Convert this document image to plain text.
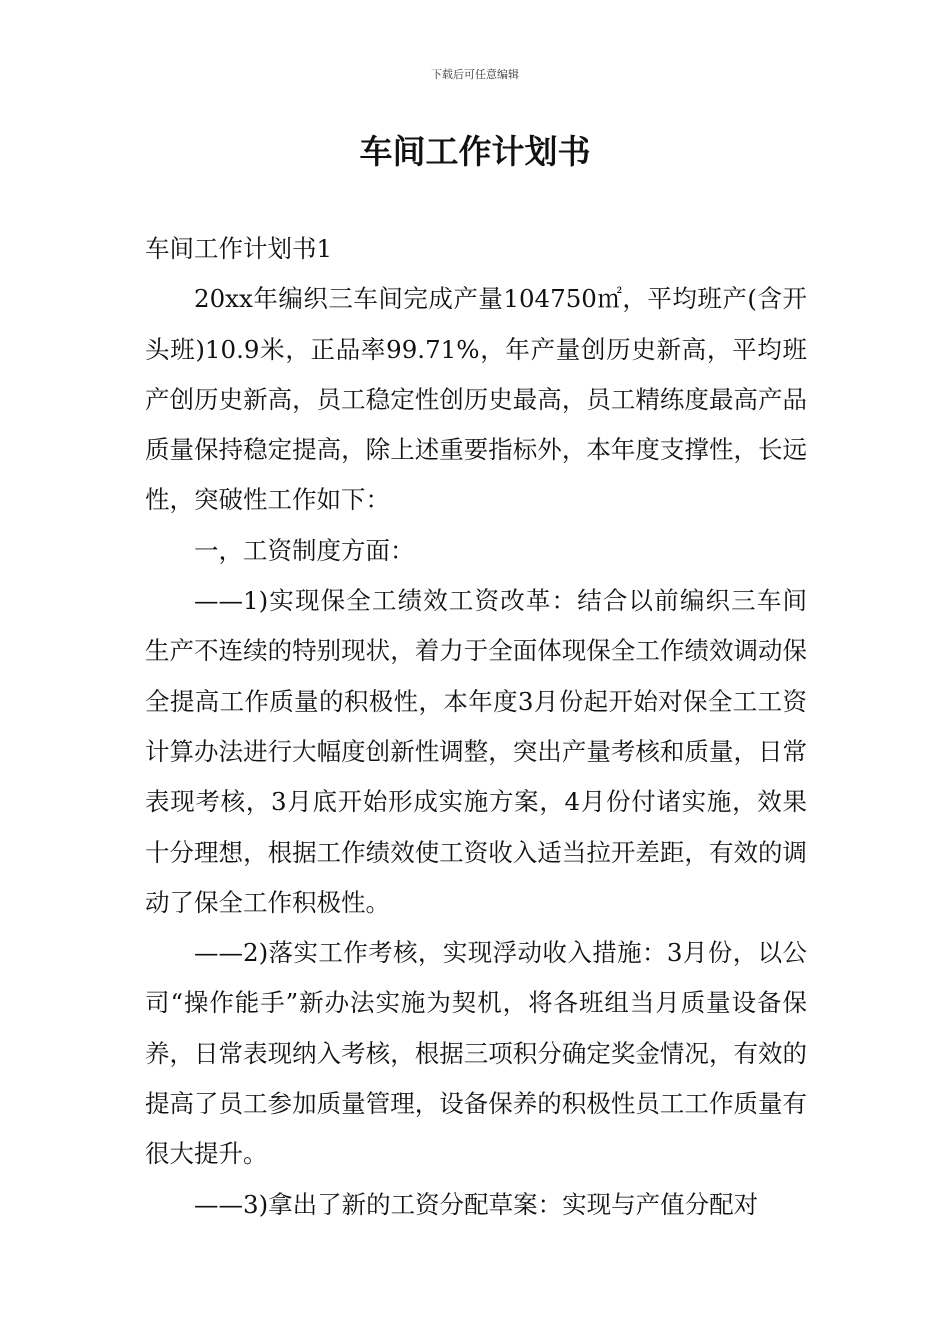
下载后可任意编辑
车间工作计划书

车间工作计划书1

20xx年编织三车间完成产量104750㎡，平均班产(含开头班)10.9米，正品率99.71%，年产量创历史新高，平均班产创历史新高，员工稳定性创历史最高，员工精练度最高产品质量保持稳定提高，除上述重要指标外，本年度支撑性，长远性，突破性工作如下：

一，工资制度方面：

——1)实现保全工绩效工资改革：结合以前编织三车间生产不连续的特别现状，着力于全面体现保全工作绩效调动保全提高工作质量的积极性，本年度3月份起开始对保全工工资计算办法进行大幅度创新性调整，突出产量考核和质量，日常表现考核，3月底开始形成实施方案，4月份付诸实施，效果十分理想，根据工作绩效使工资收入适当拉开差距，有效的调动了保全工作积极性。

——2)落实工作考核，实现浮动收入措施：3月份，以公司“操作能手”新办法实施为契机，将各班组当月质量设备保养，日常表现纳入考核，根据三项积分确定奖金情况，有效的提高了员工参加质量管理，设备保养的积极性员工工作质量有很大提升。

——3)拿出了新的工资分配草案：实现与产值分配对
